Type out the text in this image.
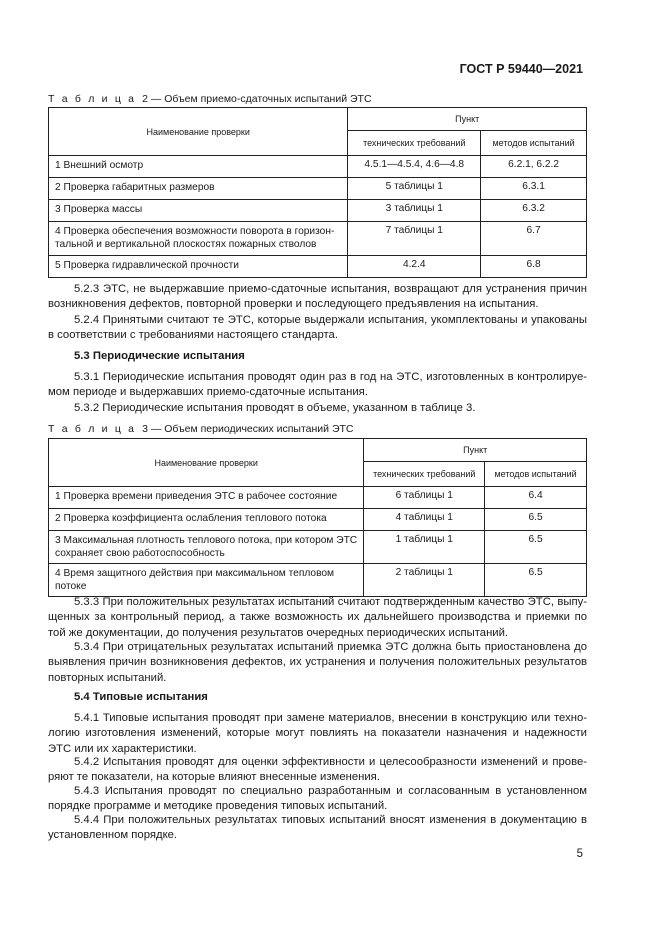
ГОСТ Р 59440—2021
Т а б л и ц а 2 — Объем приемо-сдаточных испытаний ЭТС
Наименование проверки	Пункт	
	технических требований	методов испытаний
1 Внешний осмотр	4.5.1—4.5.4, 4.6—4.8	6.2.1, 6.2.2
2 Проверка габаритных размеров	5 таблицы 1	6.3.1
3 Проверка массы	3 таблицы 1	6.3.2
4 Проверка обеспечения возможности поворота в горизон-тальной и вертикальной плоскостях пожарных стволов	7 таблицы 1	6.7
5 Проверка гидравлической прочности	4.2.4	6.8
5.2.3 ЭТС, не выдержавшие приемо-сдаточные испытания, возвращают для устранения причин возникновения дефектов, повторной проверки и последующего предъявления на испытания.
5.2.4 Принятыми считают те ЭТС, которые выдержали испытания, укомплектованы и упакованы в соответствии с требованиями настоящего стандарта.
5.3 Периодические испытания
5.3.1 Периодические испытания проводят один раз в год на ЭТС, изготовленных в контролируе-мом периоде и выдержавших приемо-сдаточные испытания.
5.3.2 Периодические испытания проводят в объеме, указанном в таблице 3.
Т а б л и ц а 3 — Объем периодических испытаний ЭТС
Наименование проверки	Пункт	
	технических требований	методов испытаний
1 Проверка времени приведения ЭТС в рабочее состояние	6 таблицы 1	6.4
2 Проверка коэффициента ослабления теплового потока	4 таблицы 1	6.5
3 Максимальная плотность теплового потока, при котором ЭТС сохраняет свою работоспособность	1 таблицы 1	6.5
4 Время защитного действия при максимальном тепловом потоке	2 таблицы 1	6.5
5.3.3 При положительных результатах испытаний считают подтвержденным качество ЭТС, выпу-щенных за контрольный период, а также возможность их дальнейшего производства и приемки по той же документации, до получения результатов очередных периодических испытаний.
5.3.4 При отрицательных результатах испытаний приемка ЭТС должна быть приостановлена до выявления причин возникновения дефектов, их устранения и получения положительных результатов повторных испытаний.
5.4 Типовые испытания
5.4.1 Типовые испытания проводят при замене материалов, внесении в конструкцию или техно-логию изготовления изменений, которые могут повлиять на показатели назначения и надежности ЭТС или их характеристики.
5.4.2 Испытания проводят для оценки эффективности и целесообразности изменений и прове-ряют те показатели, на которые влияют внесенные изменения.
5.4.3 Испытания проводят по специально разработанным и согласованным в установленном порядке программе и методике проведения типовых испытаний.
5.4.4 При положительных результатах типовых испытаний вносят изменения в документацию в установленном порядке.
5
